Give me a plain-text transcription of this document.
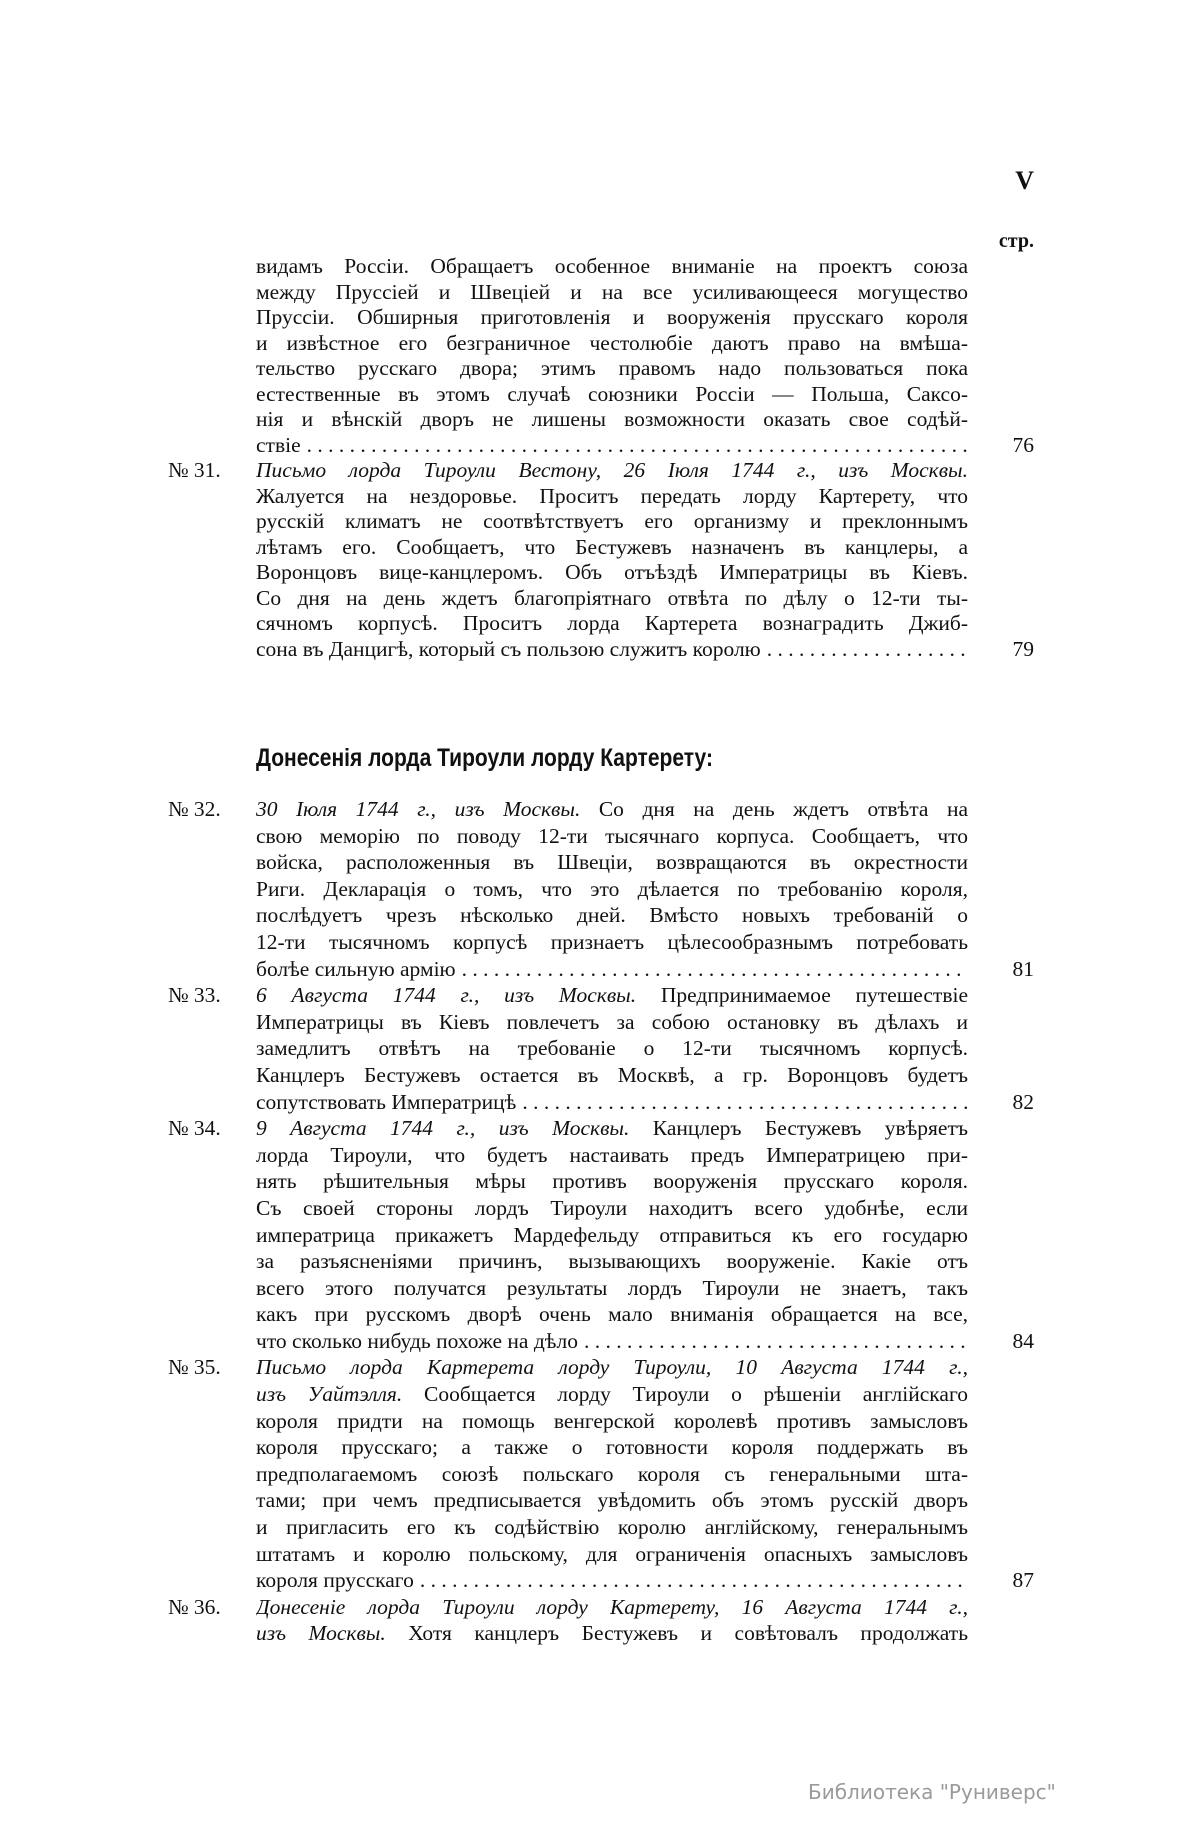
V
стр.
видамъ Россіи. Обращаетъ особенное вниманіе на проектъ союза
между Пруссіей и Швеціей и на все усиливающееся могущество
Пруссіи. Обширныя приготовленія и вооруженія прусскаго короля
и извѣстное его безграничное честолюбіе даютъ право на вмѣша-
тельство русскаго двора; этимъ правомъ надо пользоваться пока
естественные въ этомъ случаѣ союзники Россіи — Польша, Саксо-
нія и вѣнскій дворъ не лишены возможности оказать свое содѣй-
ствіе . . .	76
№ 31. Письмо лорда Тироули Вестону, 26 Іюля 1744 г., изъ Москвы.
Жалуется на нездоровье. Проситъ передать лорду Картерету, что
русскій климатъ не соотвѣтствуетъ его организму и преклоннымъ
лѣтамъ его. Сообщаетъ, что Бестужевъ назначенъ въ канцлеры, а
Воронцовъ вице-канцлеромъ. Объ отъѣздѣ Императрицы въ Кіевъ.
Со дня на день ждетъ благопріятнаго отвѣта по дѣлу о 12-ти ты-
сячномъ корпусѣ. Проситъ лорда Картерета вознаградить Джиб-
сона въ Данцигѣ, который съ пользою служитъ королю . . .	79
Донесенія лорда Тироули лорду Картерету:
№ 32. 30 Іюля 1744 г., изъ Москвы. Со дня на день ждетъ отвѣта на
свою меморію по поводу 12-ти тысячнаго корпуса. Сообщаетъ, что
войска, расположенныя въ Швеціи, возвращаются въ окрестности
Риги. Декларація о томъ, что это дѣлается по требованію короля,
послѣдуетъ чрезъ нѣсколько дней. Вмѣсто новыхъ требованій о
12-ти тысячномъ корпусѣ признаетъ цѣлесообразнымъ потребовать
болѣе сильную армію . . .	81
№ 33. 6 Августа 1744 г., изъ Москвы. Предпринимаемое путешествіе
Императрицы въ Кіевъ повлечетъ за собою остановку въ дѣлахъ и
замедлитъ отвѣтъ на требованіе о 12-ти тысячномъ корпусѣ.
Канцлеръ Бестужевъ остается въ Москвѣ, а гр. Воронцовъ будетъ
сопутствовать Императрицѣ . . .	82
№ 34. 9 Августа 1744 г., изъ Москвы. Канцлеръ Бестужевъ увѣряетъ
лорда Тироули, что будетъ настаивать предъ Императрицею при-
нять рѣшительныя мѣры противъ вооруженія прусскаго короля.
Съ своей стороны лордъ Тироули находитъ всего удобнѣе, если
императрица прикажетъ Мардефельду отправиться къ его государю
за разъясненіями причинъ, вызывающихъ вооруженіе. Какіе отъ
всего этого получатся результаты лордъ Тироули не знаетъ, такъ
какъ при русскомъ дворѣ очень мало вниманія обращается на все,
что сколько нибудь похоже на дѣло . . .	84
№ 35. Письмо лорда Картерета лорду Тироули, 10 Августа 1744 г.,
изъ Уайтэлля. Сообщается лорду Тироули о рѣшеніи англійскаго
короля придти на помощь венгерской королевѣ противъ замысловъ
короля прусскаго; а также о готовности короля поддержать въ
предполагаемомъ союзѣ польскаго короля съ генеральными шта-
тами; при чемъ предписывается увѣдомить объ этомъ русскій дворъ
и пригласить его къ содѣйствію королю англійскому, генеральнымъ
штатамъ и королю польскому, для ограниченія опасныхъ замысловъ
короля прусскаго . . .	87
№ 36. Донесеніе лорда Тироули лорду Картерету, 16 Августа 1744 г.,
изъ Москвы. Хотя канцлеръ Бестужевъ и совѣтовалъ продолжать
Библиотека "Руниверс"
